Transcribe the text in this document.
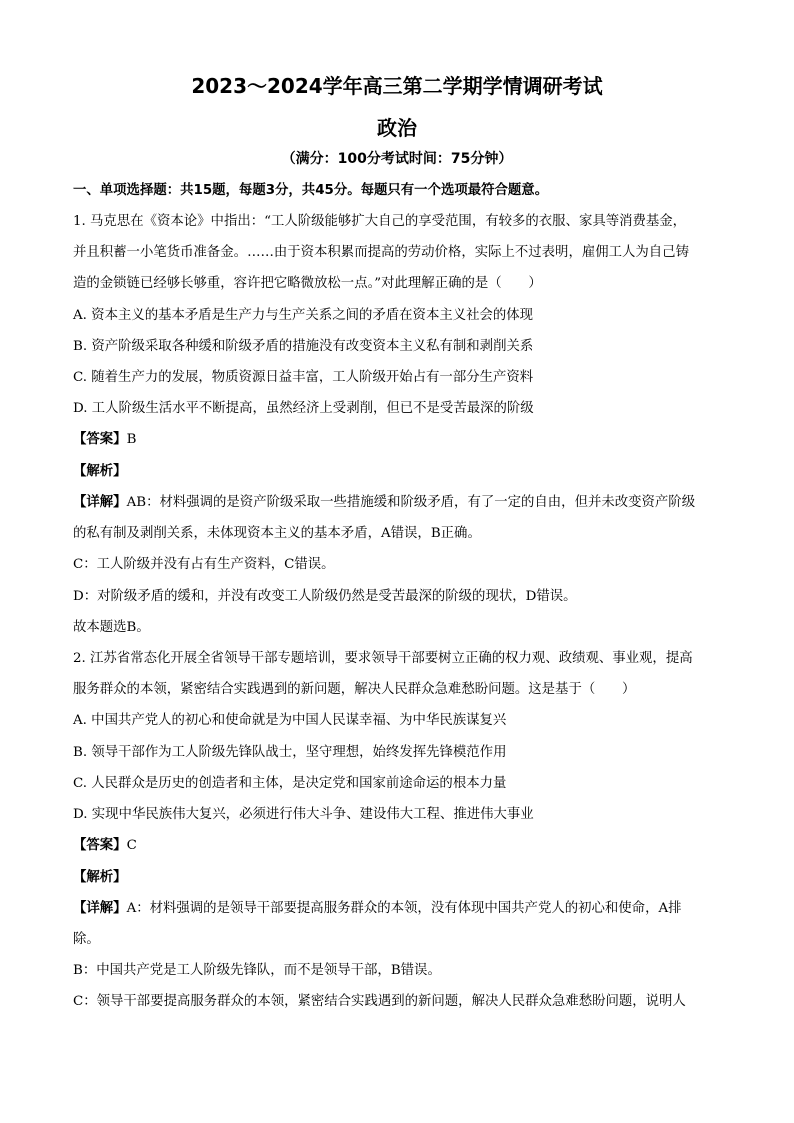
2023～2024学年高三第二学期学情调研考试
政治
（满分：100分考试时间：75分钟）
一、单项选择题：共15题，每题3分，共45分。每题只有一个选项最符合题意。
1. 马克思在《资本论》中指出：“工人阶级能够扩大自己的享受范围，有较多的衣服、家具等消费基金，
并且积蓄一小笔货币准备金。……由于资本积累而提高的劳动价格，实际上不过表明，雇佣工人为自己铸
造的金锁链已经够长够重，容许把它略微放松一点。”对此理解正确的是（　　）
A. 资本主义的基本矛盾是生产力与生产关系之间的矛盾在资本主义社会的体现
B. 资产阶级采取各种缓和阶级矛盾的措施没有改变资本主义私有制和剥削关系
C. 随着生产力的发展，物质资源日益丰富，工人阶级开始占有一部分生产资料
D. 工人阶级生活水平不断提高，虽然经济上受剥削，但已不是受苦最深的阶级
【答案】B
【解析】
【详解】AB：材料强调的是资产阶级采取一些措施缓和阶级矛盾，有了一定的自由，但并未改变资产阶级
的私有制及剥削关系，未体现资本主义的基本矛盾，A错误，B正确。
C：工人阶级并没有占有生产资料，C错误。
D：对阶级矛盾的缓和，并没有改变工人阶级仍然是受苦最深的阶级的现状，D错误。
故本题选B。
2. 江苏省常态化开展全省领导干部专题培训，要求领导干部要树立正确的权力观、政绩观、事业观，提高
服务群众的本领，紧密结合实践遇到的新问题，解决人民群众急难愁盼问题。这是基于（　　）
A. 中国共产党人的初心和使命就是为中国人民谋幸福、为中华民族谋复兴
B. 领导干部作为工人阶级先锋队战士，坚守理想，始终发挥先锋模范作用
C. 人民群众是历史的创造者和主体，是决定党和国家前途命运的根本力量
D. 实现中华民族伟大复兴，必须进行伟大斗争、建设伟大工程、推进伟大事业
【答案】C
【解析】
【详解】A：材料强调的是领导干部要提高服务群众的本领，没有体现中国共产党人的初心和使命，A排
除。
B：中国共产党是工人阶级先锋队，而不是领导干部，B错误。
C：领导干部要提高服务群众的本领，紧密结合实践遇到的新问题，解决人民群众急难愁盼问题，说明人
